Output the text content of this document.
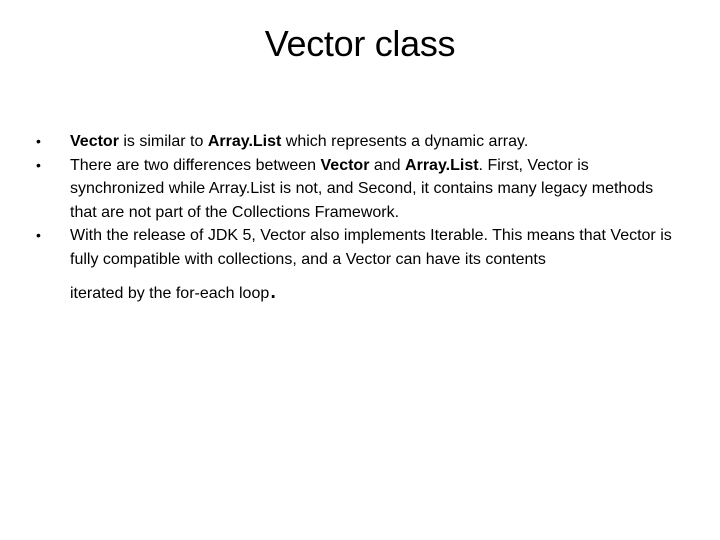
Vector class
•	Vector is similar to Array.List which represents a dynamic array.
•	There are two differences between Vector and Array.List. First, Vector is synchronized while Array.List is not, and Second, it contains many legacy methods that are not part of the Collections Framework.
•	With the release of JDK 5, Vector also implements Iterable. This means that Vector is fully compatible with collections, and a Vector can have its contents
iterated by the for-each loop.
